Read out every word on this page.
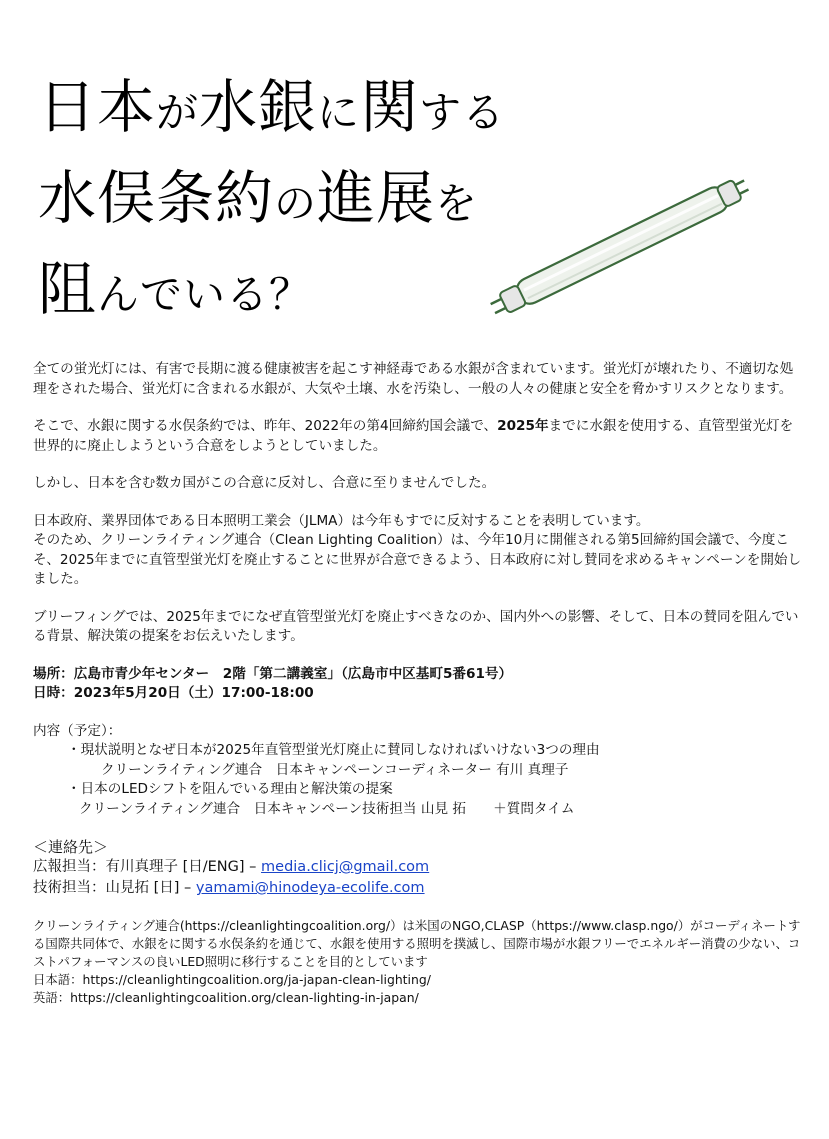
日本が水銀に関する
水俣条約の進展を
阻んでいる？

全ての蛍光灯には、有害で長期に渡る健康被害を起こす神経毒である水銀が含まれています。蛍光灯が壊れたり、不適切な処理をされた場合、蛍光灯に含まれる水銀が、大気や土壌、水を汚染し、一般の人々の健康と安全を脅かすリスクとなります。

そこで、水銀に関する水俣条約では、昨年、2022年の第4回締約国会議で、2025年までに水銀を使用する、直管型蛍光灯を世界的に廃止しようという合意をしようとしていました。

しかし、日本を含む数カ国がこの合意に反対し、合意に至りませんでした。

日本政府、業界団体である日本照明工業会（JLMA）は今年もすでに反対することを表明しています。

そのため、クリーンライティング連合（Clean Lighting Coalition）は、今年10月に開催される第5回締約国会議で、今度こそ、2025年までに直管型蛍光灯を廃止することに世界が合意できるよう、日本政府に対し賛同を求めるキャンペーンを開始しました。

ブリーフィングでは、2025年までになぜ直管型蛍光灯を廃止すべきなのか、国内外への影響、そして、日本の賛同を阻んでいる背景、解決策の提案をお伝えいたします。

場所：広島市青少年センター　2階「第二講義室」（広島市中区基町5番61号）

日時：2023年5月20日（土）17:00-18:00

内容（予定）：

・現状説明となぜ日本が2025年直管型蛍光灯廃止に賛同しなければいけない3つの理由

クリーンライティング連合　日本キャンペーンコーディネーター 有川 真理子

・日本のLEDシフトを阻んでいる理由と解決策の提案

クリーンライティング連合　日本キャンペーン技術担当 山見 拓　　＋質問タイム

＜連絡先＞

広報担当：有川真理子 [日/ENG] – media.clicj@gmail.com

技術担当：山見拓 [日] – yamami@hinodeya-ecolife.com

クリーンライティング連合(https://cleanlightingcoalition.org/）は米国のNGO,CLASP（https://www.clasp.ngo/）がコーディネートする国際共同体で、水銀をに関する水俣条約を通じて、水銀を使用する照明を撲滅し、国際市場が水銀フリーでエネルギー消費の少ない、コストパフォーマンスの良いLED照明に移行することを目的としています

日本語：https://cleanlightingcoalition.org/ja-japan-clean-lighting/

英語：https://cleanlightingcoalition.org/clean-lighting-in-japan/
